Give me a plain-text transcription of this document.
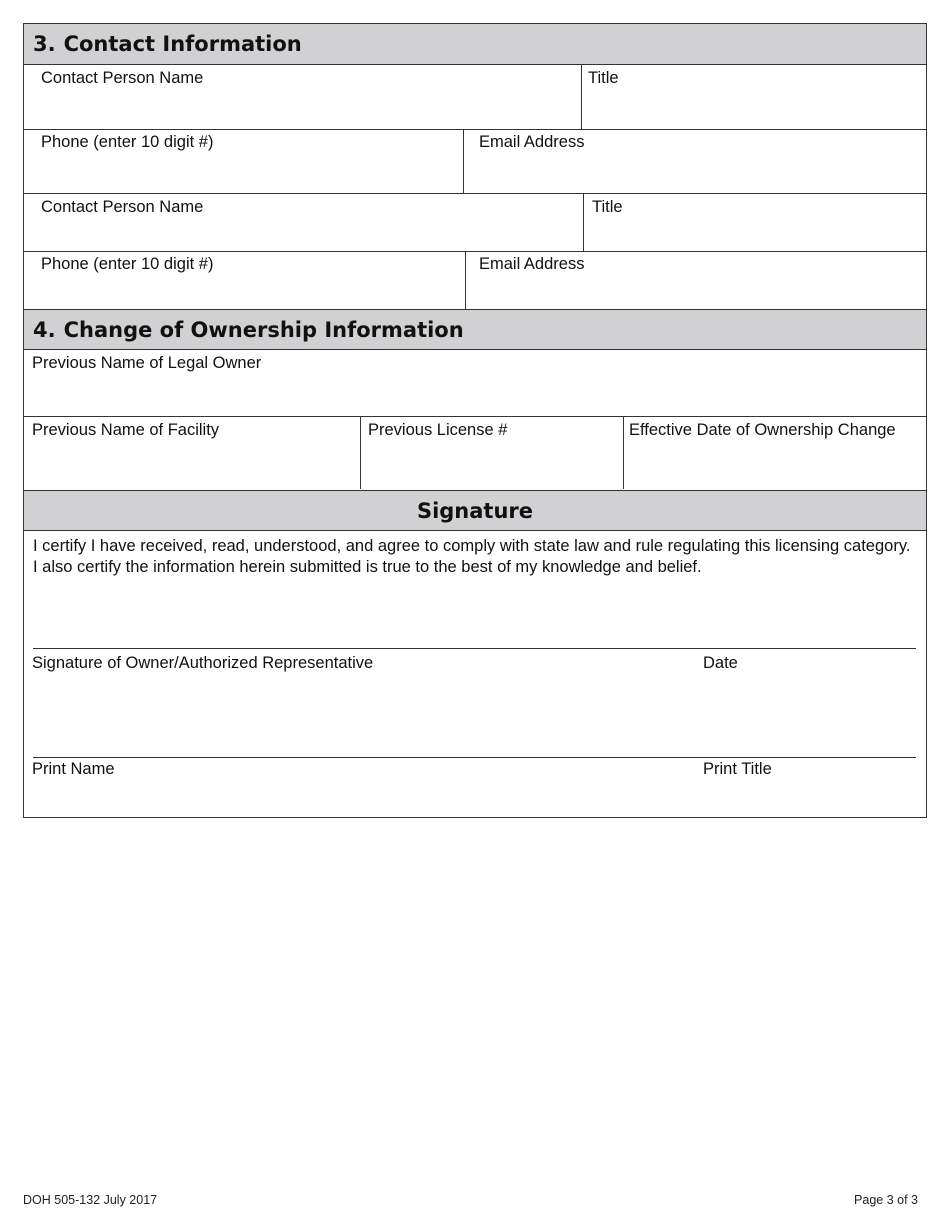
3. Contact Information
Contact Person Name	Title
Phone (enter 10 digit #)	Email Address
Contact Person Name	Title
Phone (enter 10 digit #)	Email Address
4. Change of Ownership Information
Previous Name of Legal Owner
Previous Name of Facility	Previous License #	Effective Date of Ownership Change
Signature
I certify I have received, read, understood, and agree to comply with state law and rule regulating this licensing category. I also certify the information herein submitted is true to the best of my knowledge and belief.
Signature of Owner/Authorized Representative	Date
Print Name	Print Title
DOH 505-132 July 2017	Page 3 of 3
